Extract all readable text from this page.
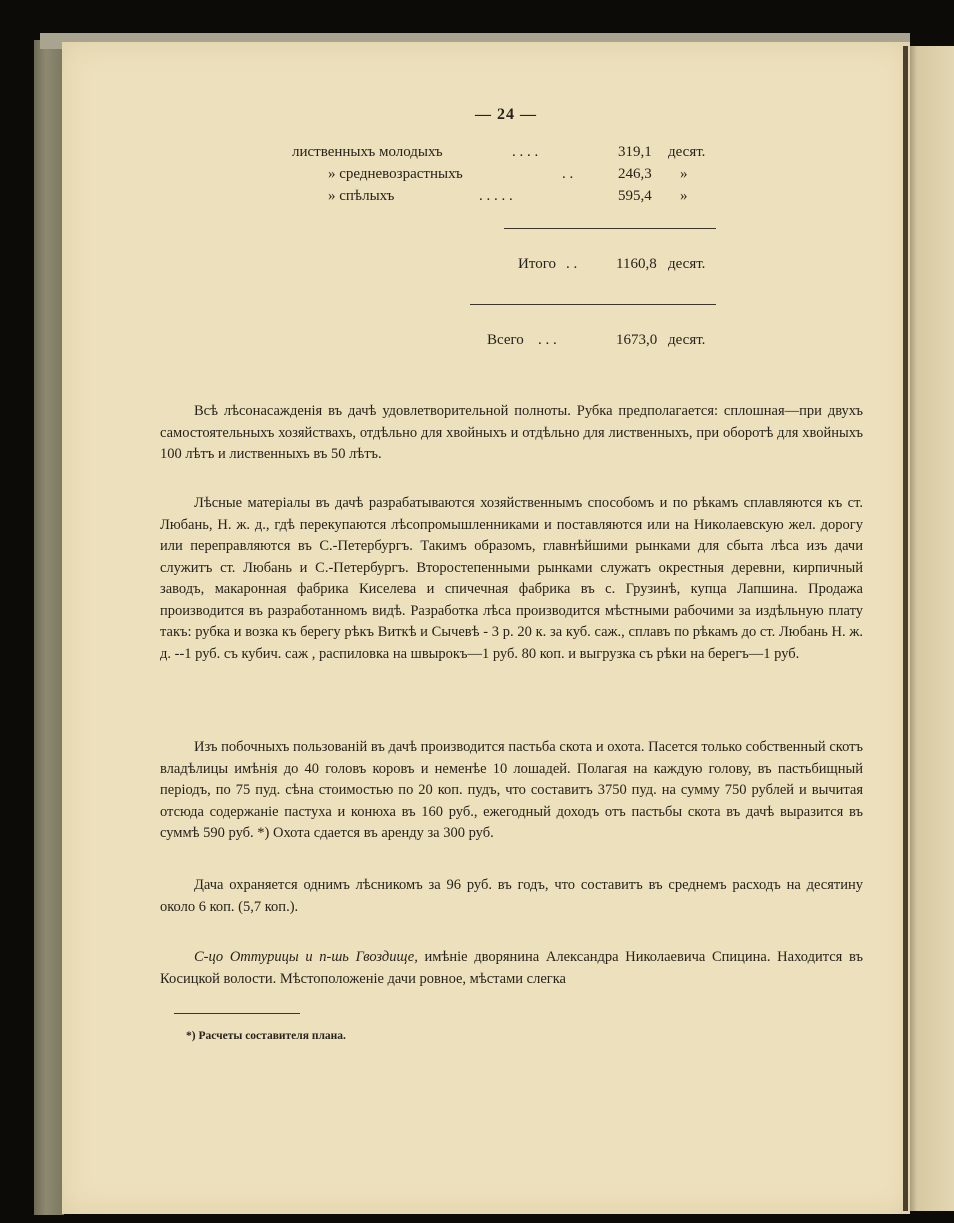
— 24 —
лиственныхъ молодыхъ	. . . .	319,1 десят.
» средневозрастныхъ	. .	246,3 »
» спѣлыхъ	. . . . .	595,4 »
Итого . .	1160,8 десят.
Всего . . .	1673,0 десят.
Всѣ лѣсонасажденія въ дачѣ удовлетворительной полноты. Рубка предполагается: сплошная—при двухъ самостоятельныхъ хозяйствахъ, отдѣльно для хвойныхъ и отдѣльно для лиственныхъ, при оборотѣ для хвойныхъ 100 лѣтъ и лиственныхъ въ 50 лѣтъ.
Лѣсные матеріалы въ дачѣ разрабатываются хозяйственнымъ способомъ и по рѣкамъ сплавляются къ ст. Любань, Н. ж. д., гдѣ перекупаются лѣсопромышленниками и поставляются или на Николаевскую жел. дорогу или переправляются въ С.-Петербургъ. Такимъ образомъ, главнѣйшими рынками для сбыта лѣса изъ дачи служитъ ст. Любань и С.-Петербургъ. Второстепенными рынками служатъ окрестныя деревни, кирпичный заводъ, макаронная фабрика Киселева и спичечная фабрика въ с. Грузинѣ, купца Лапшина. Продажа производится въ разработанномъ видѣ. Разработка лѣса производится мѣстными рабочими за издѣльную плату такъ: рубка и возка къ берегу рѣкъ Виткѣ и Сычевѣ - 3 р. 20 к. за куб. саж., сплавъ по рѣкамъ до ст. Любань Н. ж. д. --1 руб. съ кубич. саж , распиловка на швырокъ—1 руб. 80 коп. и выгрузка съ рѣки на берегъ—1 руб.
Изъ побочныхъ пользованій въ дачѣ производится пастьба скота и охота. Пасется только собственный скотъ владѣлицы имѣнія до 40 головъ коровъ и неменѣе 10 лошадей. Полагая на каждую голову, въ пастьбищный періодъ, по 75 пуд. сѣна стоимостью по 20 коп. пудъ, что составитъ 3750 пуд. на сумму 750 рублей и вычитая отсюда содержаніе пастуха и конюха въ 160 руб., ежегодный доходъ отъ пастьбы скота въ дачѣ выразится въ суммѣ 590 руб. *) Охота сдается въ аренду за 300 руб.
Дача охраняется однимъ лѣсникомъ за 96 руб. въ годъ, что составитъ въ среднемъ расходъ на десятину около 6 коп. (5,7 коп.).
С-цо Оттурицы и п-шь Гвоздище, имѣніе дворянина Александра Николаевича Спицина. Находится въ Косицкой волости. Мѣстоположеніе дачи ровное, мѣстами слегка
*) Расчеты составителя плана.
